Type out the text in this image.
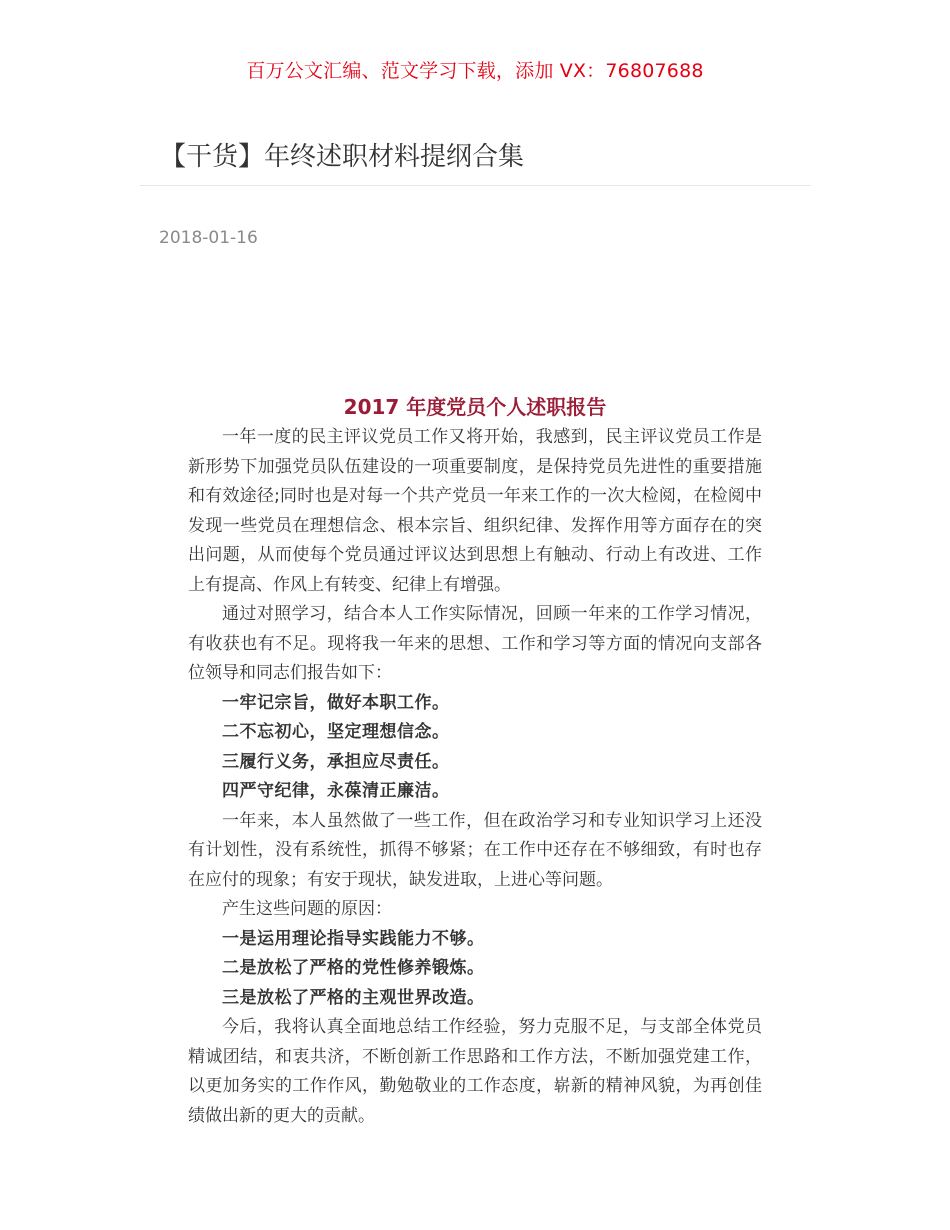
百万公文汇编、范文学习下载，添加 VX：76807688
【干货】年终述职材料提纲合集
2018-01-16
2017 年度党员个人述职报告

一年一度的民主评议党员工作又将开始，我感到，民主评议党员工作是新形势下加强党员队伍建设的一项重要制度，是保持党员先进性的重要措施和有效途径;同时也是对每一个共产党员一年来工作的一次大检阅，在检阅中发现一些党员在理想信念、根本宗旨、组织纪律、发挥作用等方面存在的突出问题，从而使每个党员通过评议达到思想上有触动、行动上有改进、工作上有提高、作风上有转变、纪律上有增强。

通过对照学习，结合本人工作实际情况，回顾一年来的工作学习情况，有收获也有不足。现将我一年来的思想、工作和学习等方面的情况向支部各位领导和同志们报告如下：

一牢记宗旨，做好本职工作。

二不忘初心，坚定理想信念。

三履行义务，承担应尽责任。

四严守纪律，永葆清正廉洁。

一年来，本人虽然做了一些工作，但在政治学习和专业知识学习上还没有计划性，没有系统性，抓得不够紧；在工作中还存在不够细致，有时也存在应付的现象；有安于现状，缺发进取，上进心等问题。

产生这些问题的原因：

一是运用理论指导实践能力不够。

二是放松了严格的党性修养锻炼。

三是放松了严格的主观世界改造。

今后，我将认真全面地总结工作经验，努力克服不足，与支部全体党员精诚团结，和衷共济，不断创新工作思路和工作方法，不断加强党建工作，以更加务实的工作作风，勤勉敬业的工作态度，崭新的精神风貌，为再创佳绩做出新的更大的贡献。
